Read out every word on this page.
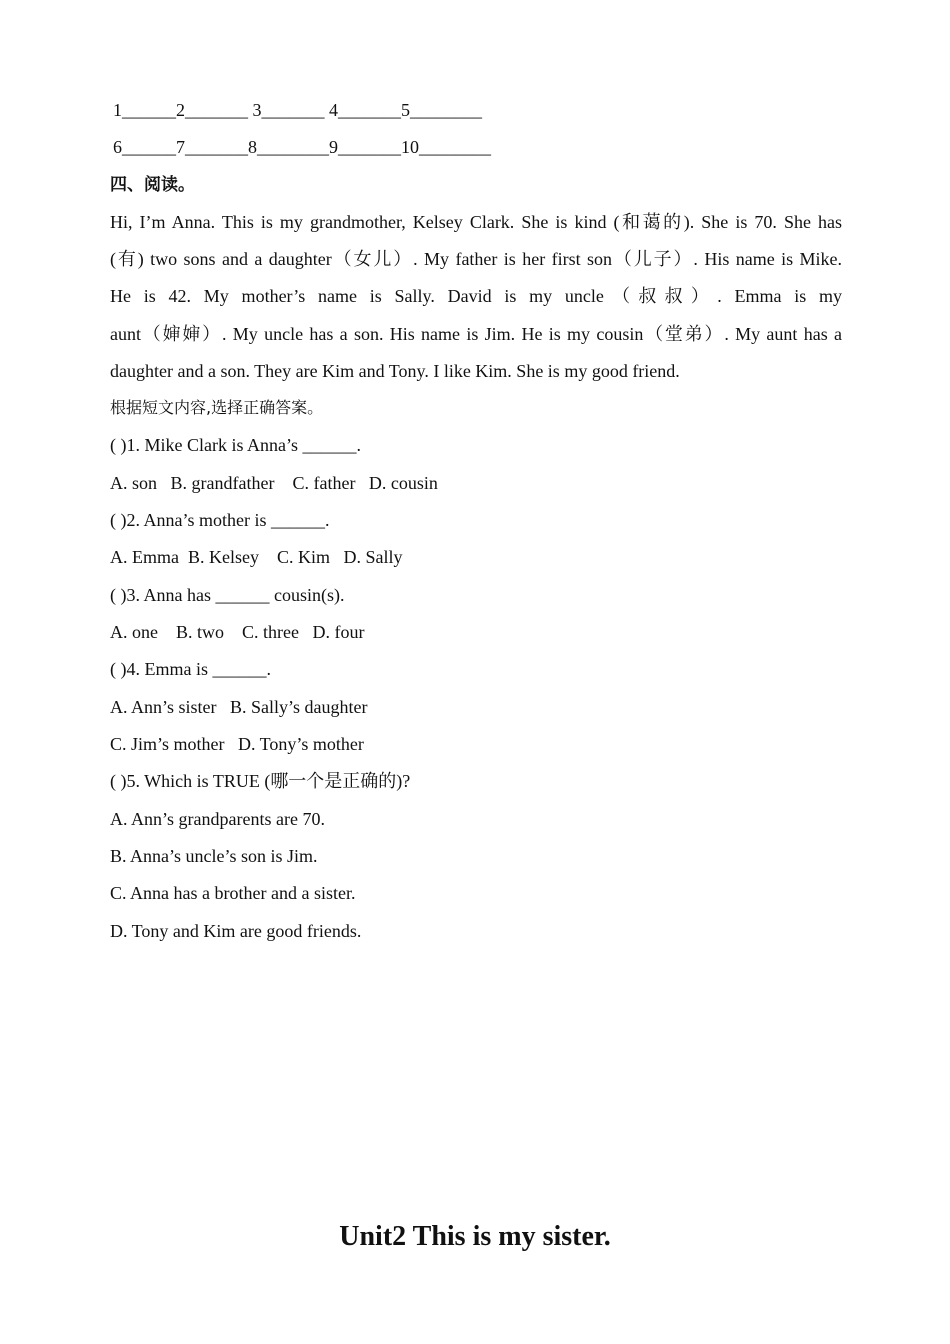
1______2_______ 3_______ 4_______5________
6______7_______8________9_______10________
四、阅读。
Hi, I’m Anna. This is my grandmother, Kelsey Clark. She is kind (和蔼的). She is 70. She has
(有) two sons and a daughter（女儿）. My father is her first son（儿子）. His name is Mike.
He is 42. My mother’s name is Sally. David is my uncle（叔叔）. Emma is my
aunt（婶婶）. My uncle has a son. His name is Jim. He is my cousin（堂弟）. My aunt has a
daughter and a son. They are Kim and Tony. I like Kim. She is my good friend.
根据短文内容,选择正确答案。
( )1. Mike Clark is Anna’s ______.
A. son   B. grandfather    C. father   D. cousin
( )2. Anna’s mother is ______.
A. Emma  B. Kelsey    C. Kim   D. Sally
( )3. Anna has ______ cousin(s).
A. one    B. two    C. three   D. four
( )4. Emma is ______.
A. Ann’s sister   B. Sally’s daughter
C. Jim’s mother   D. Tony’s mother
( )5. Which is TRUE (哪一个是正确的)?
A. Ann’s grandparents are 70.
B. Anna’s uncle’s son is Jim.
C. Anna has a brother and a sister.
D. Tony and Kim are good friends.
Unit2 This is my sister.
